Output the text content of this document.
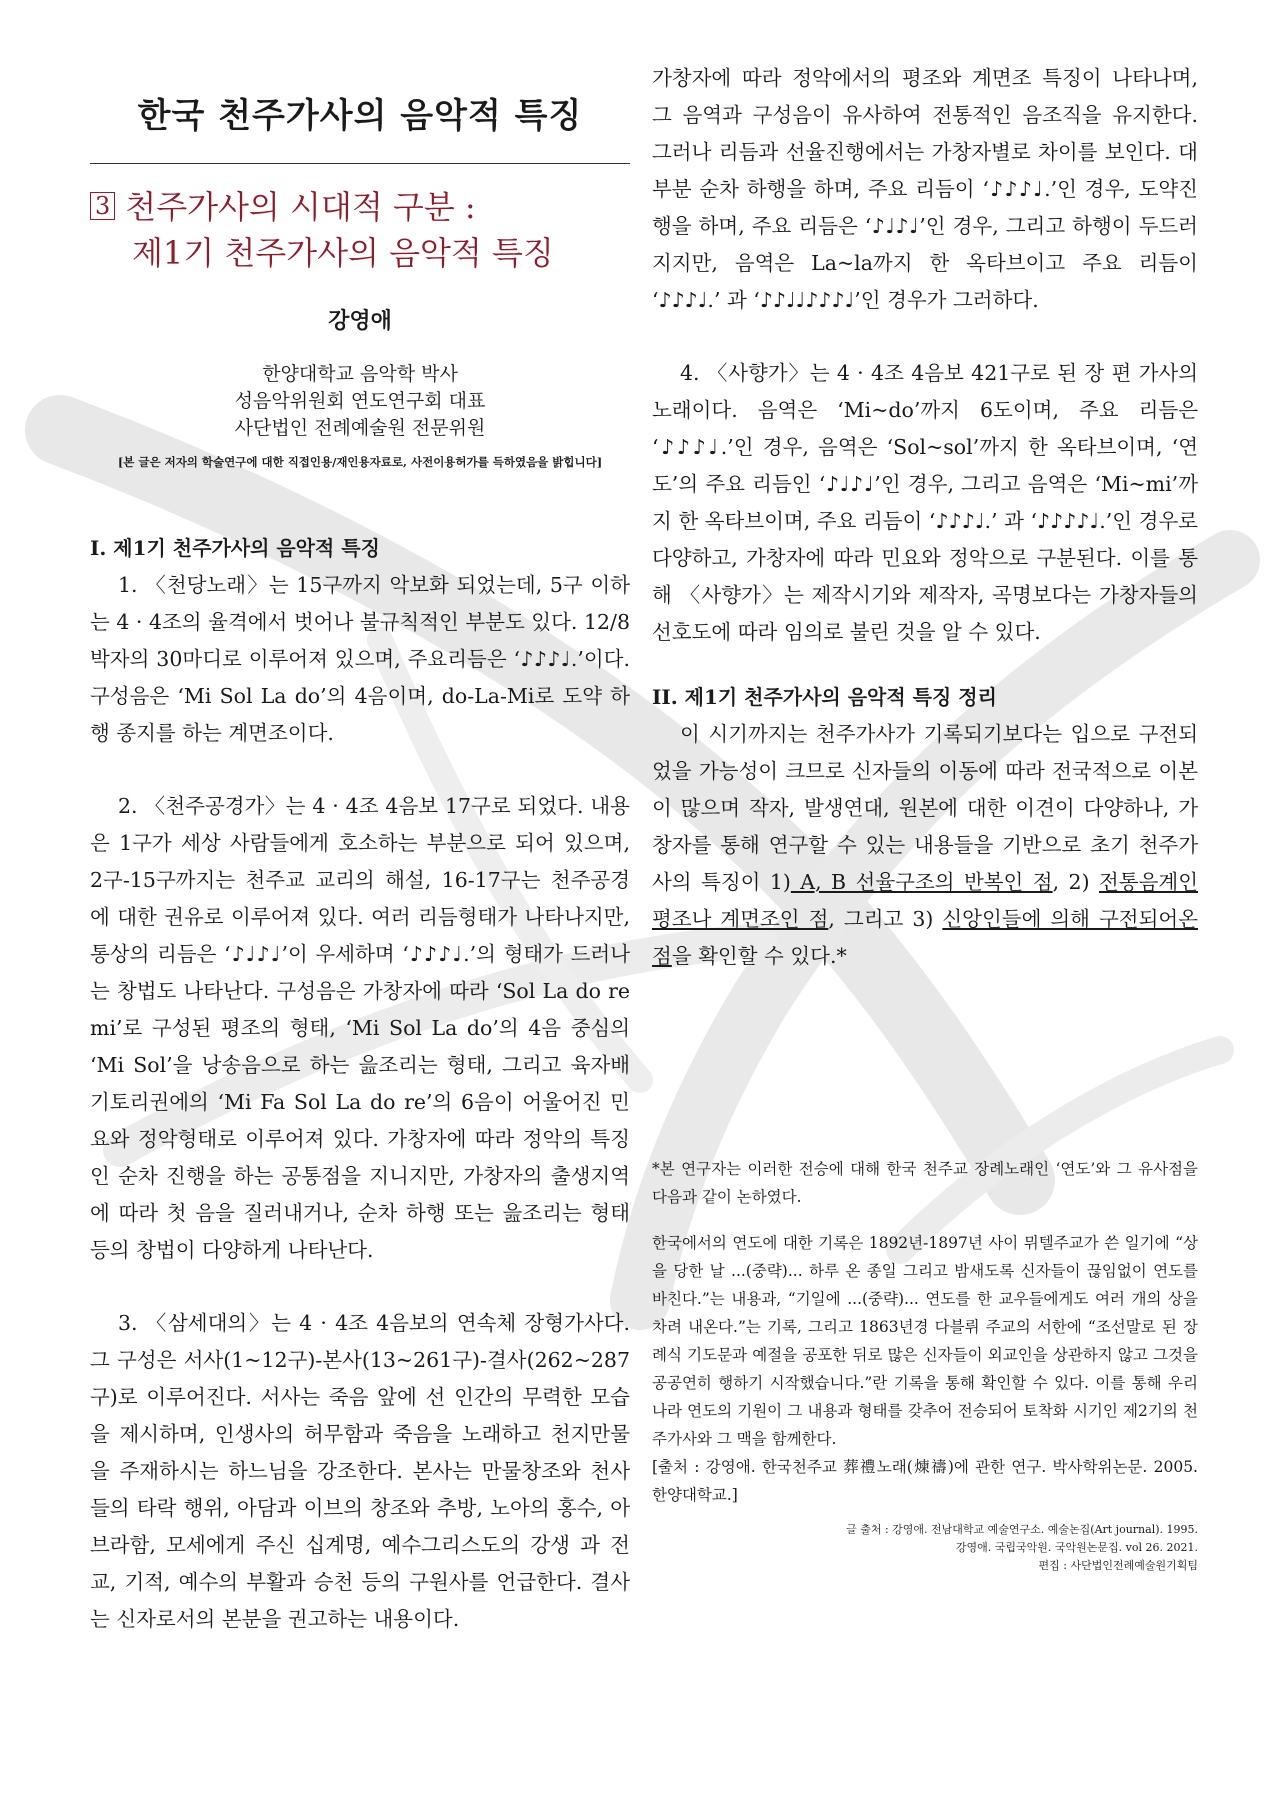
한국 천주가사의 음악적 특징
3 천주가사의 시대적 구분 :
제1기 천주가사의 음악적 특징
강영애
한양대학교 음악학 박사
성음악위원회 연도연구회 대표
사단법인 전례예술원 전문위원
[본 글은 저자의 학술연구에 대한 직접인용/재인용자료로, 사전이용허가를 득하였음을 밝힙니다]
I. 제1기 천주가사의 음악적 특징

1. 〈천당노래〉는 15구까지 악보화 되었는데, 5구 이하는 4 · 4조의 율격에서 벗어나 불규칙적인 부분도 있다. 12/8박자의 30마디로 이루어져 있으며, 주요리듬은 ‘♪♪♪♩.’이다. 구성음은 ‘Mi Sol La do’의 4음이며, do-La-Mi로 도약 하행 종지를 하는 계면조이다.

2. 〈천주공경가〉는 4 · 4조 4음보 17구로 되었다. 내용은 1구가 세상 사람들에게 호소하는 부분으로 되어 있으며, 2구-15구까지는 천주교 교리의 해설, 16-17구는 천주공경에 대한 권유로 이루어져 있다. 여러 리듬형태가 나타나지만, 통상의 리듬은 ‘♪♩♪♩’이 우세하며 ‘♪♪♪♩.’의 형태가 드러나는 창법도 나타난다. 구성음은 가창자에 따라 ‘Sol La do re mi’로 구성된 평조의 형태, ‘Mi Sol La do’의 4음 중심의 ‘Mi Sol’을 낭송음으로 하는 읊조리는 형태, 그리고 육자배기토리권에의 ‘Mi Fa Sol La do re’의 6음이 어울어진 민요와 정악형태로 이루어져 있다. 가창자에 따라 정악의 특징인 순차 진행을 하는 공통점을 지니지만, 가창자의 출생지역에 따라 첫 음을 질러내거나, 순차 하행 또는 읊조리는 형태 등의 창법이 다양하게 나타난다.

3. 〈삼세대의〉는 4 · 4조 4음보의 연속체 장형가사다. 그 구성은 서사(1~12구)-본사(13~261구)-결사(262~287구)로 이루어진다. 서사는 죽음 앞에 선 인간의 무력한 모습을 제시하며, 인생사의 허무함과 죽음을 노래하고 천지만물을 주재하시는 하느님을 강조한다. 본사는 만물창조와 천사들의 타락 행위, 아담과 이브의 창조와 추방, 노아의 홍수, 아브라함, 모세에게 주신 십계명, 예수그리스도의 강생 과 전교, 기적, 예수의 부활과 승천 등의 구원사를 언급한다. 결사는 신자로서의 본분을 권고하는 내용이다.

가창자에 따라 정악에서의 평조와 계면조 특징이 나타나며, 그 음역과 구성음이 유사하여 전통적인 음조직을 유지한다. 그러나 리듬과 선율진행에서는 가창자별로 차이를 보인다. 대부분 순차 하행을 하며, 주요 리듬이 ‘♪♪♪♩.’인 경우, 도약진행을 하며, 주요 리듬은 ‘♪♩♪♩’인 경우, 그리고 하행이 두드러지지만, 음역은 La~la까지 한 옥타브이고 주요 리듬이 ‘♪♪♪♩.’ 과 ‘♪♪♩♩♪♪♪♩’인 경우가 그러하다.

4. 〈사향가〉는 4 · 4조 4음보 421구로 된 장 편 가사의 노래이다. 음역은 ‘Mi~do’까지 6도이며, 주요 리듬은 ‘♪♪♪♩.’인 경우, 음역은 ‘Sol~sol’까지 한 옥타브이며, ‘연도’의 주요 리듬인 ‘♪♩♪♩’인 경우, 그리고 음역은 ‘Mi~mi’까지 한 옥타브이며, 주요 리듬이 ‘♪♪♪♩.’ 과 ‘♪♪♪♪♩.’인 경우로 다양하고, 가창자에 따라 민요와 정악으로 구분된다. 이를 통해 〈사향가〉는 제작시기와 제작자, 곡명보다는 가창자들의 선호도에 따라 임의로 불린 것을 알 수 있다.

II. 제1기 천주가사의 음악적 특징 정리

이 시기까지는 천주가사가 기록되기보다는 입으로 구전되었을 가능성이 크므로 신자들의 이동에 따라 전국적으로 이본이 많으며 작자, 발생연대, 원본에 대한 이견이 다양하나, 가창자를 통해 연구할 수 있는 내용들을 기반으로 초기 천주가사의 특징이 1) A, B 선율구조의 반복인 점, 2) 전통음계인 평조나 계면조인 점, 그리고 3) 신앙인들에 의해 구전되어온 점을 확인할 수 있다.*

*본 연구자는 이러한 전승에 대해 한국 천주교 장례노래인 ‘연도’와 그 유사점을 다음과 같이 논하였다.

한국에서의 연도에 대한 기록은 1892년-1897년 사이 뮈텔주교가 쓴 일기에 “상을 당한 날 ...(중략)... 하루 온 종일 그리고 밤새도록 신자들이 끊임없이 연도를 바친다.”는 내용과, “기일에 ...(중략)... 연도를 한 교우들에게도 여러 개의 상을 차려 내온다.”는 기록, 그리고 1863년경 다블뤼 주교의 서한에 “조선말로 된 장례식 기도문과 예절을 공포한 뒤로 많은 신자들이 외교인을 상관하지 않고 그것을 공공연히 행하기 시작했습니다.”란 기록을 통해 확인할 수 있다. 이를 통해 우리나라 연도의 기원이 그 내용과 형태를 갖추어 전승되어 토착화 시기인 제2기의 천주가사와 그 맥을 함께한다.

[출처 : 강영애. 한국천주교 葬禮노래(煉禱)에 관한 연구. 박사학위논문. 2005. 한양대학교.]

글 출처 : 강영애. 전남대학교 예술연구소. 예술논집(Art journal). 1995.
강영애. 국립국악원. 국악원논문집. vol 26. 2021.
편집 : 사단법인전례예술원기획팀
